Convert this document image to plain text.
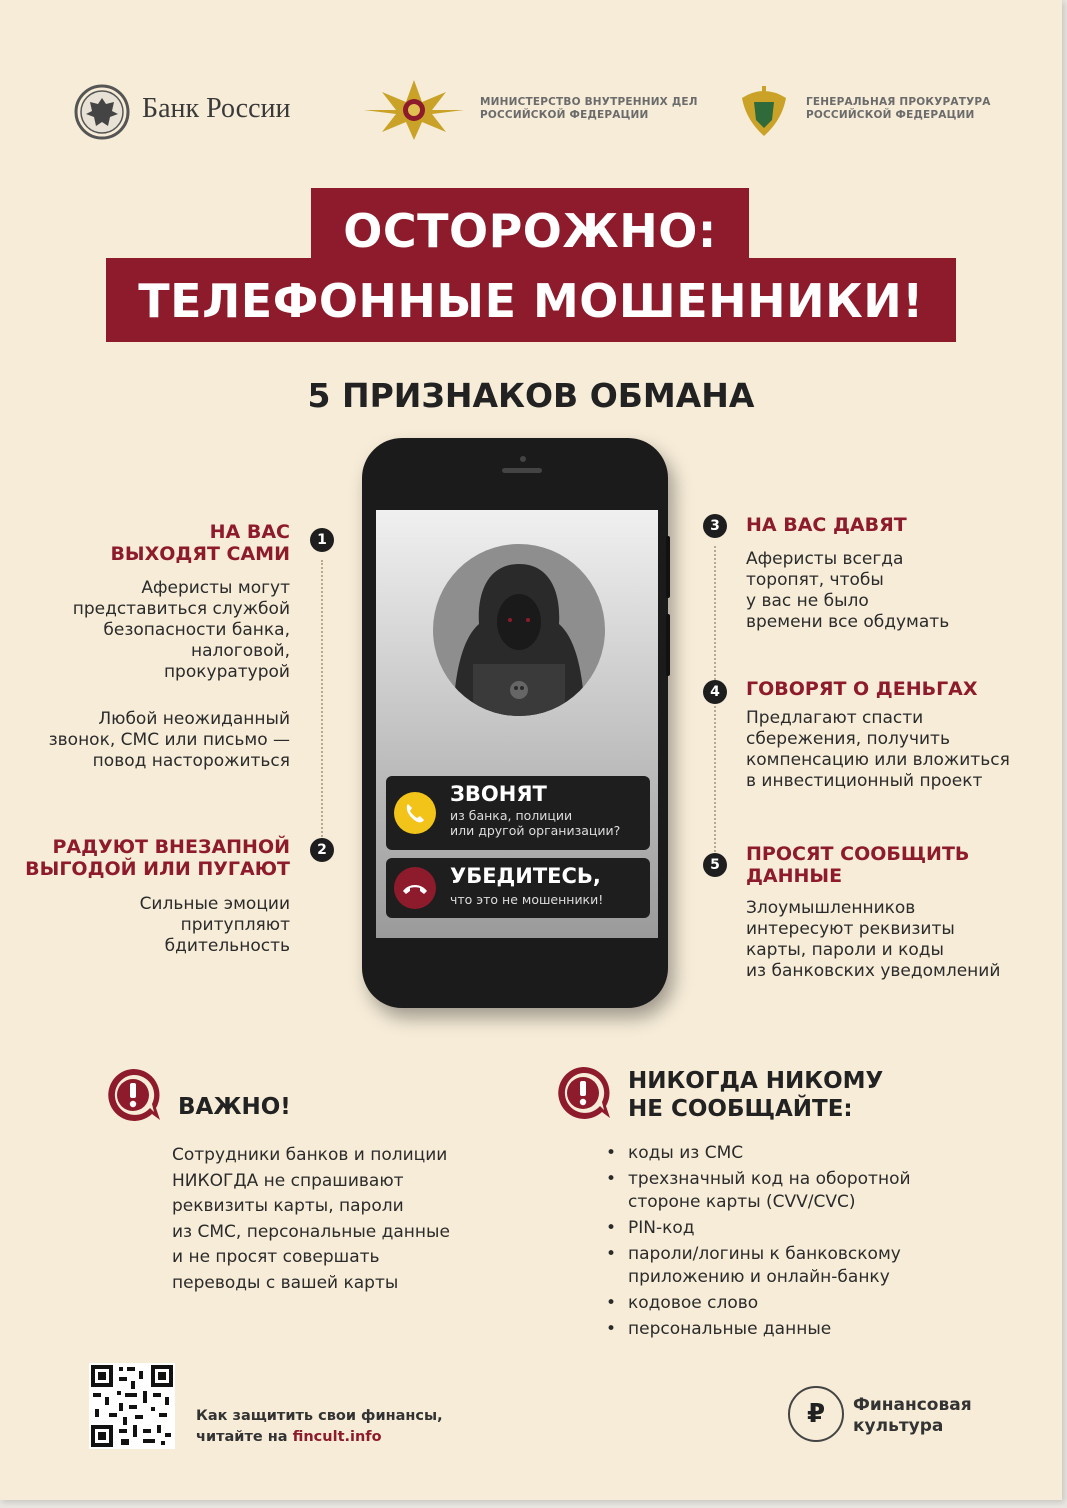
Банк России	МИНИСТЕРСТВО ВНУТРЕННИХ ДЕЛ
РОССИЙСКОЙ ФЕДЕРАЦИИ
ГЕНЕРАЛЬНАЯ ПРОКУРАТУРА
РОССИЙСКОЙ ФЕДЕРАЦИИ
ОСТОРОЖНО:
ТЕЛЕФОННЫЕ МОШЕННИКИ!
5 ПРИЗНАКОВ ОБМАНА
ЗВОНЯТ
из банка, полиции
или другой организации?
УБЕДИТЕСЬ,
что это не мошенники!
1
НА ВАС
ВЫХОДЯТ САМИ
Аферисты могут
представиться службой
безопасности банка,
налоговой,
прокуратурой
Любой неожиданный
звонок, СМС или письмо —
повод насторожиться
2
РАДУЮТ ВНЕЗАПНОЙ
ВЫГОДОЙ ИЛИ ПУГАЮТ
Сильные эмоции
притупляют
бдительность
3	НА ВАС ДАВЯТ
Аферисты всегда
торопят, чтобы
у вас не было
времени все обдумать
4	ГОВОРЯТ О ДЕНЬГАХ
Предлагают спасти
сбережения, получить
компенсацию или вложиться
в инвестиционный проект
5	ПРОСЯТ СООБЩИТЬ
ДАННЫЕ
Злоумышленников
интересуют реквизиты
карты, пароли и коды
из банковских уведомлений
ВАЖНО!
Сотрудники банков и полиции
НИКОГДА не спрашивают
реквизиты карты, пароли
из СМС, персональные данные
и не просят совершать
переводы с вашей карты
НИКОГДА НИКОМУ
НЕ СООБЩАЙТЕ:
• коды из СМС
• трехзначный код на оборотной
стороне карты (CVV/CVC)
• PIN-код
• пароли/логины к банковскому
приложению и онлайн-банку
• кодовое слово
• персональные данные
Как защитить свои финансы,
читайте на fincult.info
₽	Финансовая
культура
